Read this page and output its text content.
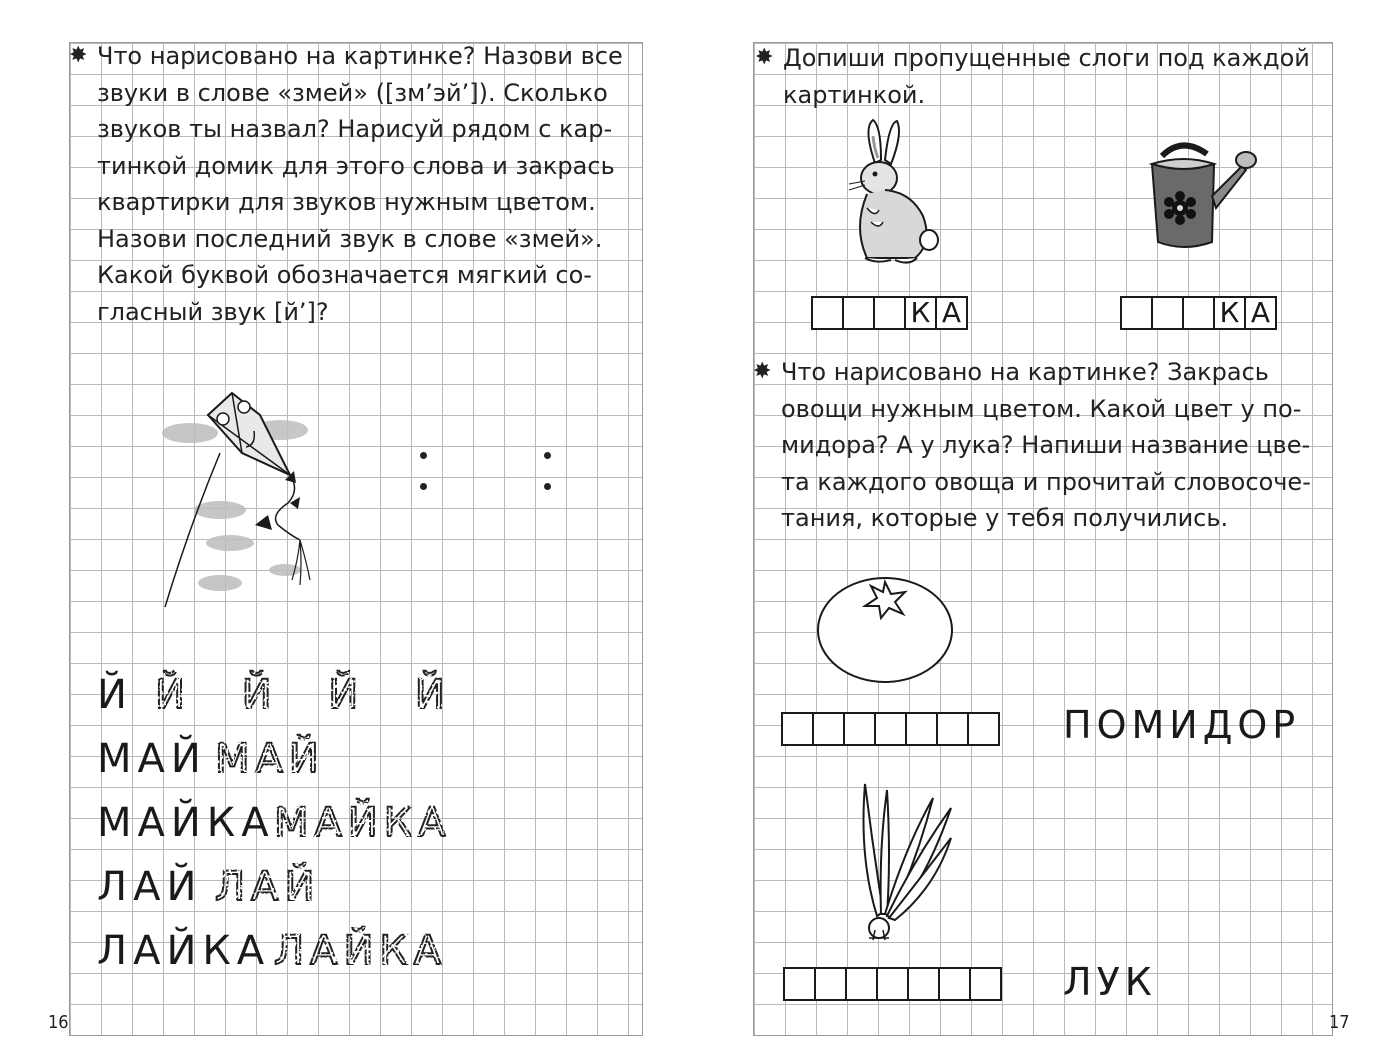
✸ Что нарисовано на картинке? Назови все

звуки в слове «змей» ([зм’эй’]). Сколько

звуков ты назвал? Нарисуй рядом с кар-

тинкой домик для этого слова и закрась

квартирки для звуков нужным цветом.

Назови последний звук в слове «змей».

Какой буквой обозначается мягкий со-

гласный звук [й’]?

Й Й Й Й Й
МАЙ МАЙ
МАЙКА МАЙКА
ЛАЙ ЛАЙ
ЛАЙКА ЛАЙКА
16
✸ Допиши пропущенные слоги под каждой

картинкой.

К А	К А
✸ Что нарисовано на картинке? Закрась

овощи нужным цветом. Какой цвет у по-

мидора? А у лука? Напиши название цве-

та каждого овоща и прочитай словосоче-

тания, которые у тебя получились.

ПОМИДОР
ЛУК
17
